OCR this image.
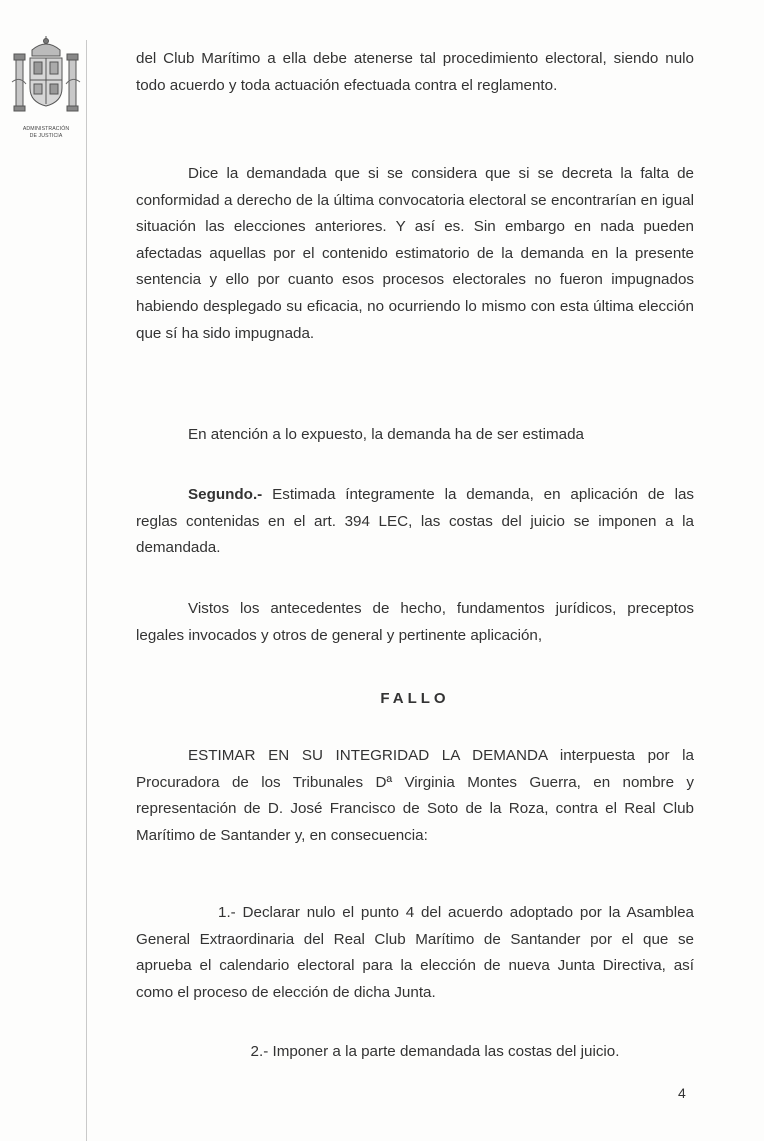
ADMINISTRACIÓN
DE JUSTICIA

del Club Marítimo a ella debe atenerse tal procedimiento electoral, siendo nulo todo acuerdo y toda actuación efectuada contra el reglamento.

Dice la demandada que si se considera que si se decreta la falta de conformidad a derecho de la última convocatoria electoral se encontrarían en igual situación las elecciones anteriores. Y así es. Sin embargo en nada pueden afectadas aquellas por el contenido estimatorio de la demanda en la presente sentencia y ello por cuanto esos procesos electorales no fueron impugnados habiendo desplegado su eficacia, no ocurriendo lo mismo con esta última elección que sí ha sido impugnada.

En atención a lo expuesto, la demanda ha de ser estimada

Segundo.- Estimada íntegramente la demanda, en aplicación de las reglas contenidas en el art. 394 LEC, las costas del juicio se imponen a la demandada.

Vistos los antecedentes de hecho, fundamentos jurídicos, preceptos legales invocados y otros de general y pertinente aplicación,

FALLO

ESTIMAR EN SU INTEGRIDAD LA DEMANDA interpuesta por la Procuradora de los Tribunales Dª Virginia Montes Guerra, en nombre y representación de D. José Francisco de Soto de la Roza, contra el Real Club Marítimo de Santander y, en consecuencia:

1.- Declarar nulo el punto 4 del acuerdo adoptado por la Asamblea General Extraordinaria del Real Club Marítimo de Santander por el que se aprueba el calendario electoral para la elección de nueva Junta Directiva, así como el proceso de elección de dicha Junta.

2.- Imponer a la parte demandada las costas del juicio.

4
